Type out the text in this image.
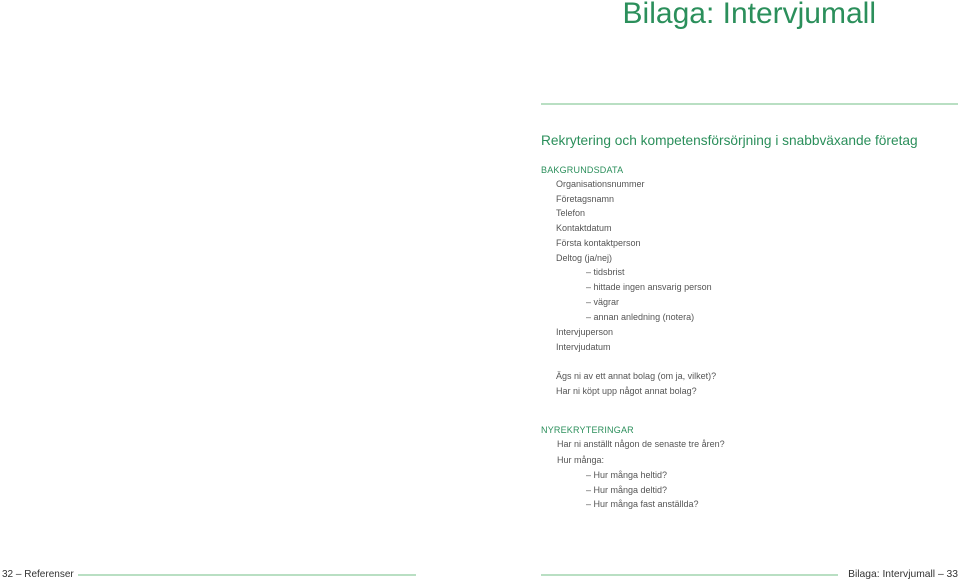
Bilaga: Intervjumall
Rekrytering och kompetensförsörjning i snabbväxande företag
BAKGRUNDSDATA
Organisationsnummer
Företagsnamn
Telefon
Kontaktdatum
Första kontaktperson
Deltog (ja/nej)
– tidsbrist
– hittade ingen ansvarig person
– vägrar
– annan anledning (notera)
Intervjuperson
Intervjudatum
Ägs ni av ett annat bolag (om ja, vilket)?
Har ni köpt upp något annat bolag?
NYREKRYTERINGAR
Har ni anställt någon de senaste tre åren?
Hur många:
– Hur många heltid?
– Hur många deltid?
– Hur många fast anställda?
32 – Referenser	Bilaga: Intervjumall – 33
